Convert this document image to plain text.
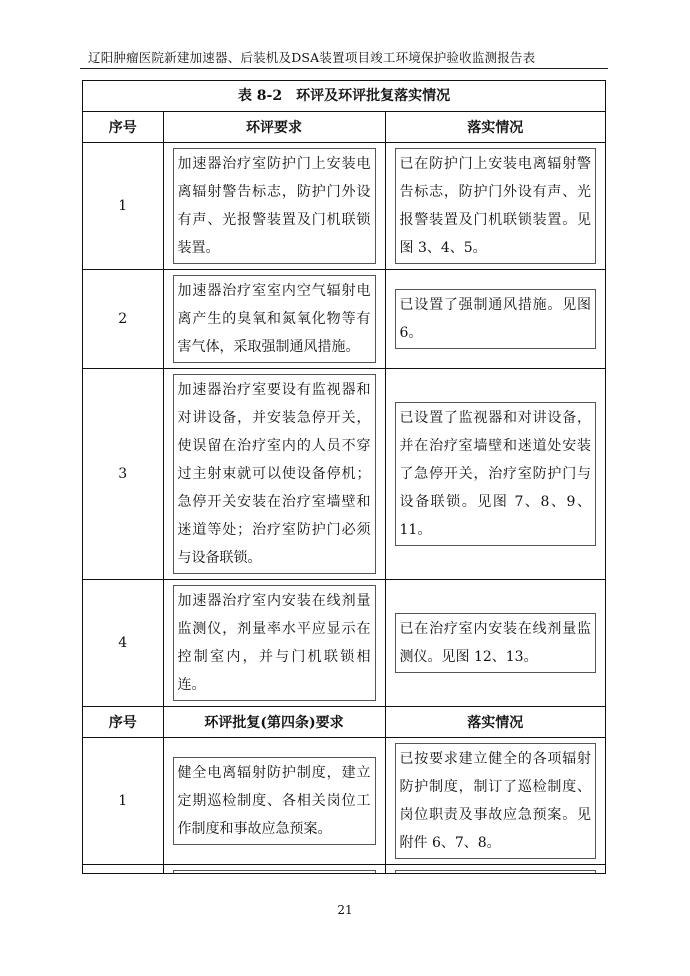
辽阳肿瘤医院新建加速器、后装机及DSA装置项目竣工环境保护验收监测报告表
表 8-2　环评及环评批复落实情况
序号	环评要求	落实情况
1	加速器治疗室防护门上安装电离辐射警告标志，防护门外设有声、光报警装置及门机联锁装置。	已在防护门上安装电离辐射警告标志，防护门外设有声、光报警装置及门机联锁装置。见图 3、4、5。

2	加速器治疗室室内空气辐射电离产生的臭氧和氮氧化物等有害气体，采取强制通风措施。	已设置了强制通风措施。见图 6。

3	加速器治疗室要设有监视器和对讲设备，并安装急停开关，使误留在治疗室内的人员不穿过主射束就可以使设备停机；急停开关安装在治疗室墙壁和迷道等处；治疗室防护门必须与设备联锁。	已设置了监视器和对讲设备，并在治疗室墙壁和迷道处安装了急停开关，治疗室防护门与设备联锁。见图 7、8、9、11。

4	加速器治疗室内安装在线剂量监测仪，剂量率水平应显示在控制室内，并与门机联锁相连。	已在治疗室内安装在线剂量监测仪。见图 12、13。

序号	环评批复(第四条)要求	落实情况
1	健全电离辐射防护制度，建立定期巡检制度、各相关岗位工作制度和事故应急预案。	已按要求建立健全的各项辐射防护制度，制订了巡检制度、岗位职责及事故应急预案。见附件 6、7、8。

21
